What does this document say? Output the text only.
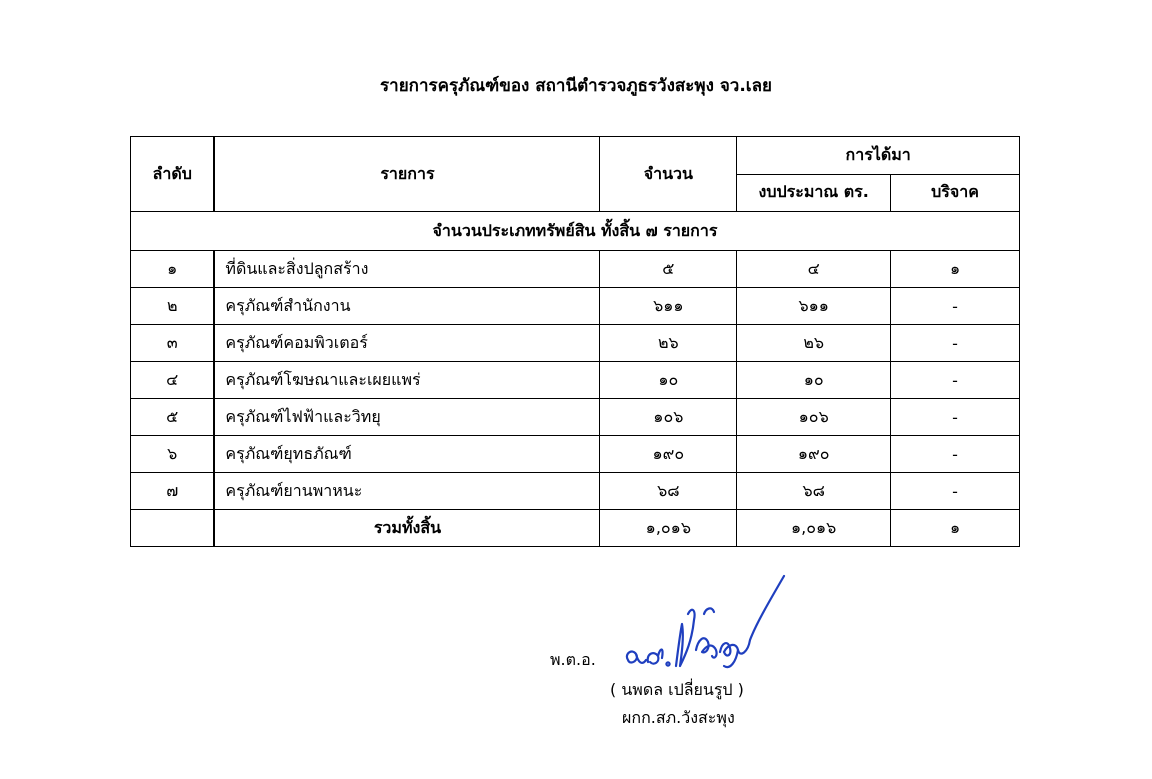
รายการครุภัณฑ์ของ สถานีตำรวจภูธรวังสะพุง จว.เลย
ลำดับ	รายการ	จำนวน	การได้มา	
			งบประมาณ ตร.	บริจาค
จำนวนประเภททรัพย์สิน ทั้งสิ้น ๗ รายการ				
๑	ที่ดินและสิ่งปลูกสร้าง	๕	๔	๑
๒	ครุภัณฑ์สำนักงาน	๖๑๑	๖๑๑	-
๓	ครุภัณฑ์คอมพิวเตอร์	๒๖	๒๖	-
๔	ครุภัณฑ์โฆษณาและเผยแพร่	๑๐	๑๐	-
๕	ครุภัณฑ์ไฟฟ้าและวิทยุ	๑๐๖	๑๐๖	-
๖	ครุภัณฑ์ยุทธภัณฑ์	๑๙๐	๑๙๐	-
๗	ครุภัณฑ์ยานพาหนะ	๖๘	๖๘	-
	รวมทั้งสิ้น	๑,๐๑๖	๑,๐๑๖	๑
พ.ต.อ.
( นพดล เปลี่ยนรูป )
ผกก.สภ.วังสะพุง
